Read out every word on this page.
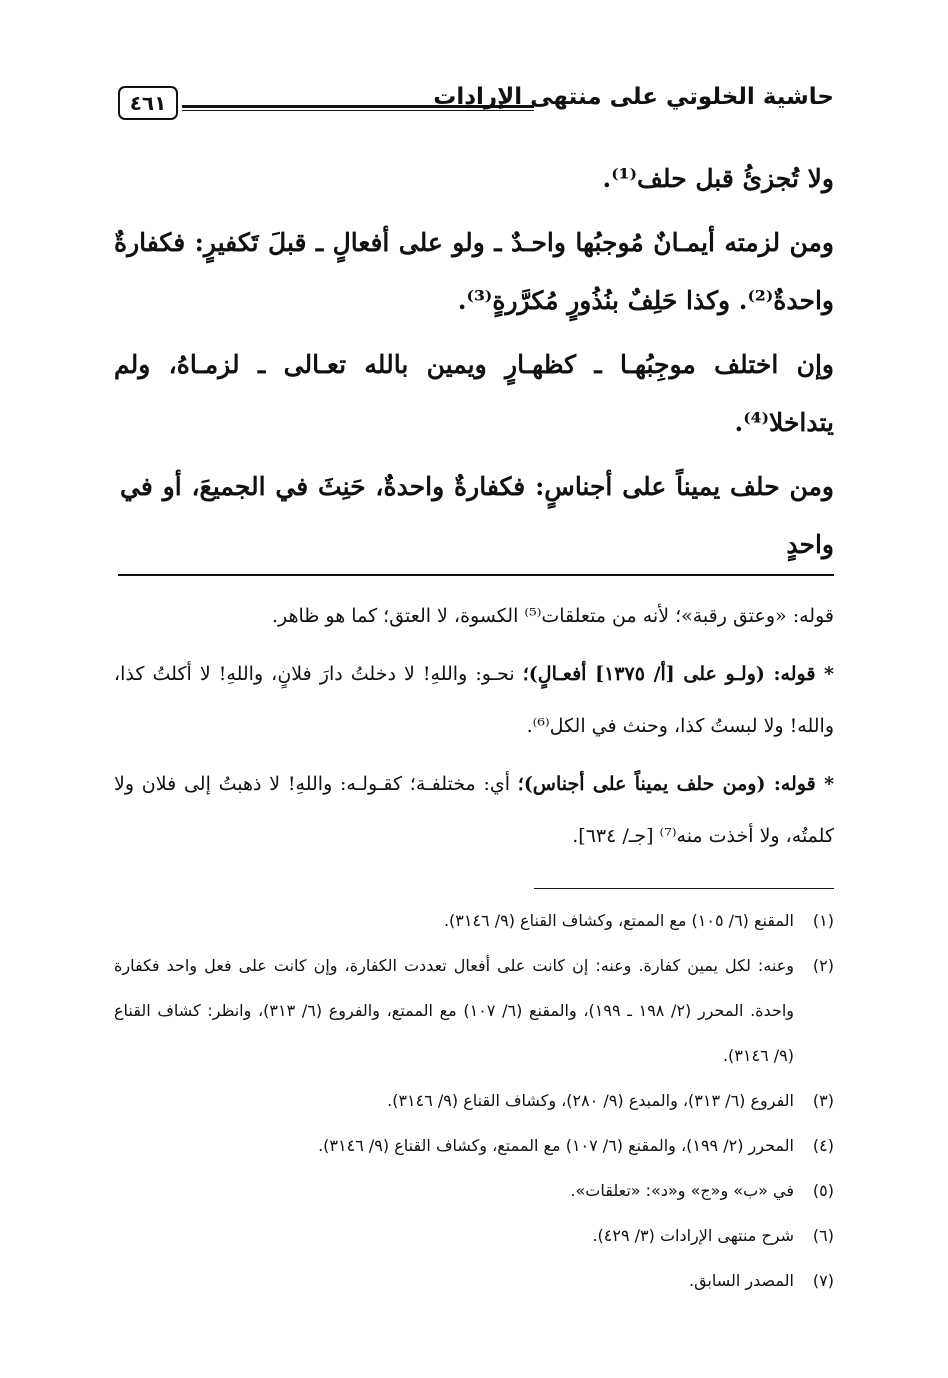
حاشية الخلوتي على منتهى الإرادات
٤٦١

ولا تُجزئُ قبل حلف⁽¹⁾.

ومن لزمته أيمـانٌ مُوجبُها واحـدٌ ـ ولو على أفعالٍ ـ قبلَ تَكفيرٍ: فكفارةٌ واحدةٌ⁽²⁾. وكذا حَلِفٌ بنُذُورٍ مُكرَّرةٍ⁽³⁾.

وإن اختلف موجِبُهـا ـ كظهـارٍ ويمين بالله تعـالى ـ لزمـاهُ، ولم يتداخلا⁽⁴⁾.

ومن حلف يميناً على أجناسٍ: فكفارةٌ واحدةٌ، حَنِثَ في الجميعَ، أو في واحدٍ

قوله: «وعتق رقبة»؛ لأنه من متعلقات⁽⁵⁾ الكسوة، لا العتق؛ كما هو ظاهر.

* قوله: (ولـو على [أ/ ١٣٧٥] أفعـالٍ)؛ نحـو: واللهِ! لا دخلتُ دارَ فلانٍ، واللهِ! لا أكلتُ كذا، والله! ولا لبستُ كذا، وحنث في الكل⁽⁶⁾.

* قوله: (ومن حلف يميناً على أجناس)؛ أي: مختلفـة؛ كقـولـه: واللهِ! لا ذهبتُ إلى فلان ولا كلمتُه، ولا أخذت منه⁽⁷⁾ [جـ/ ٦٣٤].

(١)
المقنع (٦/ ١٠٥) مع الممتع، وكشاف القناع (٩/ ٣١٤٦).
(٢)
وعنه: لكل يمين كفارة. وعنه: إن كانت على أفعال تعددت الكفارة، وإن كانت على فعل واحد فكفارة واحدة. المحرر (٢/ ١٩٨ ـ ١٩٩)، والمقنع (٦/ ١٠٧) مع الممتع، والفروع (٦/ ٣١٣)، وانظر: كشاف القناع (٩/ ٣١٤٦).
(٣)
الفروع (٦/ ٣١٣)، والمبدع (٩/ ٢٨٠)، وكشاف القناع (٩/ ٣١٤٦).
(٤)
المحرر (٢/ ١٩٩)، والمقنع (٦/ ١٠٧) مع الممتع، وكشاف القناع (٩/ ٣١٤٦).
(٥)
في «ب» و«ج» و«د»: «تعلقات».
(٦)
شرح منتهى الإرادات (٣/ ٤٢٩).
(٧)
المصدر السابق.
